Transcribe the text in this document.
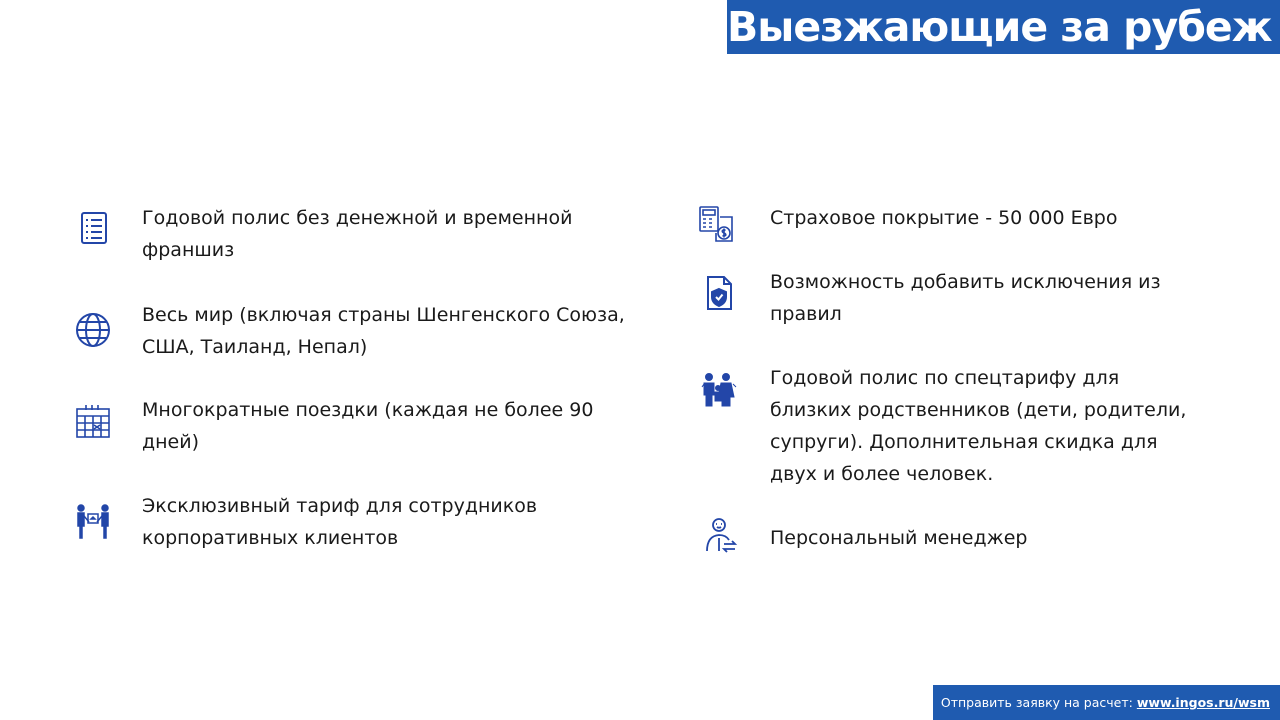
Выезжающие за рубеж
Годовой полис без денежной и временной франшиз
Весь мир (включая страны Шенгенского Союза, США, Таиланд, Непал)
Многократные поездки (каждая не более 90 дней)
Эксклюзивный тариф для сотрудников корпоративных клиентов
Страховое покрытие - 50 000 Евро
Возможность добавить исключения из правил
Годовой полис по спецтарифу для близких родственников (дети, родители, супруги). Дополнительная скидка для двух и более человек.
Персональный менеджер
Отправить заявку на расчет: www.ingos.ru/wsm
